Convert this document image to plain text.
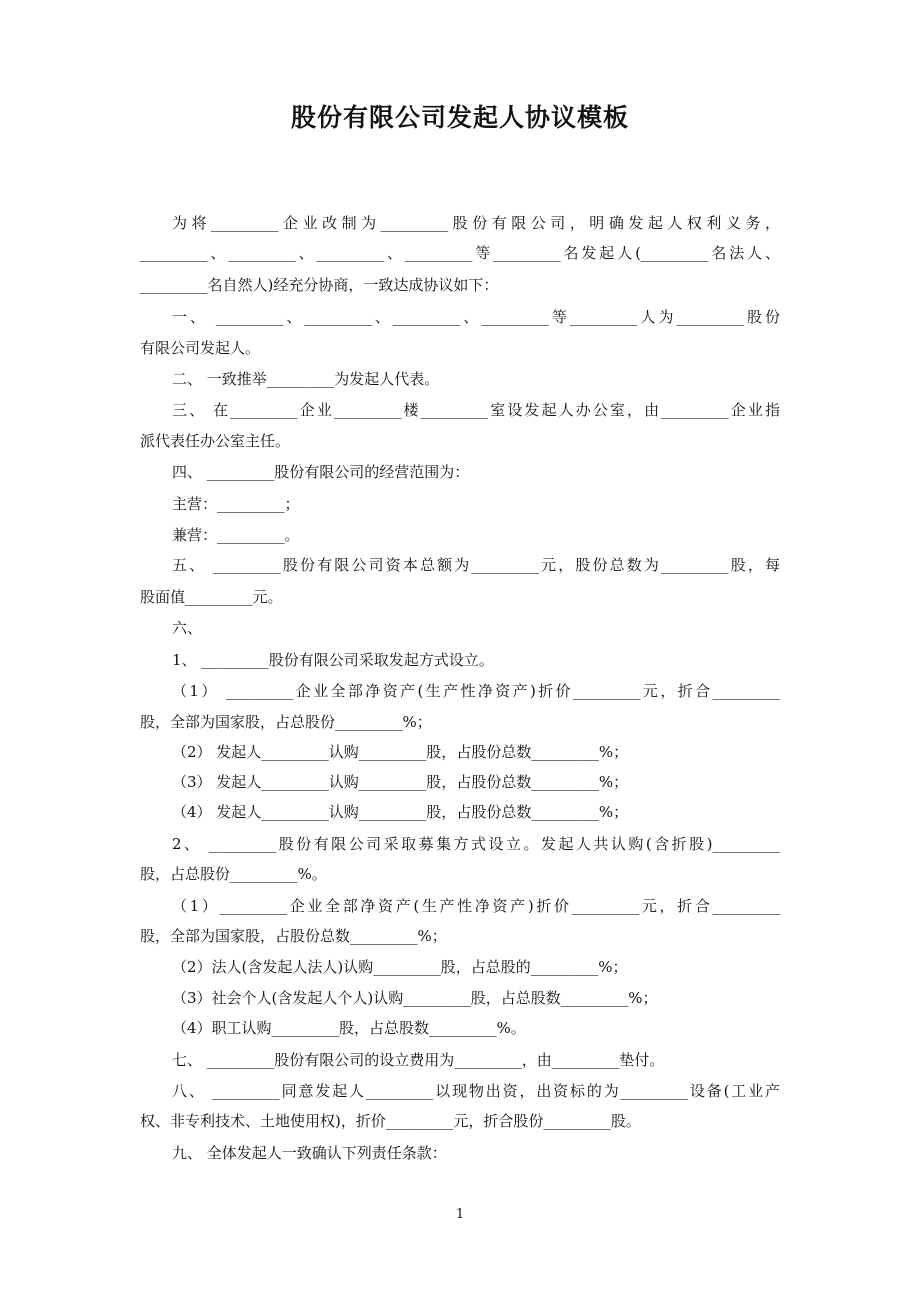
股份有限公司发起人协议模板
为将_________企业改制为_________股份有限公司，明确发起人权利义务，
_________、_________、_________、_________等_________名发起人(_________名法人、
_________名自然人)经充分协商，一致达成协议如下：
一、 _________、_________、_________、_________等_________人为_________股份
有限公司发起人。
二、 一致推举_________为发起人代表。
三、 在_________企业_________楼_________室设发起人办公室，由_________企业指
派代表任办公室主任。
四、 _________股份有限公司的经营范围为：
主营：_________；
兼营：_________。
五、 _________股份有限公司资本总额为_________元，股份总数为_________股，每
股面值_________元。
六、
1、 _________股份有限公司采取发起方式设立。
（1） _________企业全部净资产(生产性净资产)折价_________元，折合_________
股，全部为国家股，占总股份_________%；
（2） 发起人_________认购_________股，占股份总数_________%；
（3） 发起人_________认购_________股，占股份总数_________%；
（4） 发起人_________认购_________股，占股份总数_________%；
2、 _________股份有限公司采取募集方式设立。发起人共认购(含折股)_________
股，占总股份_________%。
（1）_________企业全部净资产(生产性净资产)折价_________元，折合_________
股，全部为国家股，占股份总数_________%；
（2）法人(含发起人法人)认购_________股，占总股的_________%；
（3）社会个人(含发起人个人)认购_________股，占总股数_________%；
（4）职工认购_________股，占总股数_________%。
七、 _________股份有限公司的设立费用为_________，由_________垫付。
八、 _________同意发起人_________以现物出资，出资标的为_________设备(工业产
权、非专利技术、土地使用权)，折价_________元，折合股份_________股。
九、 全体发起人一致确认下列责任条款：
1
